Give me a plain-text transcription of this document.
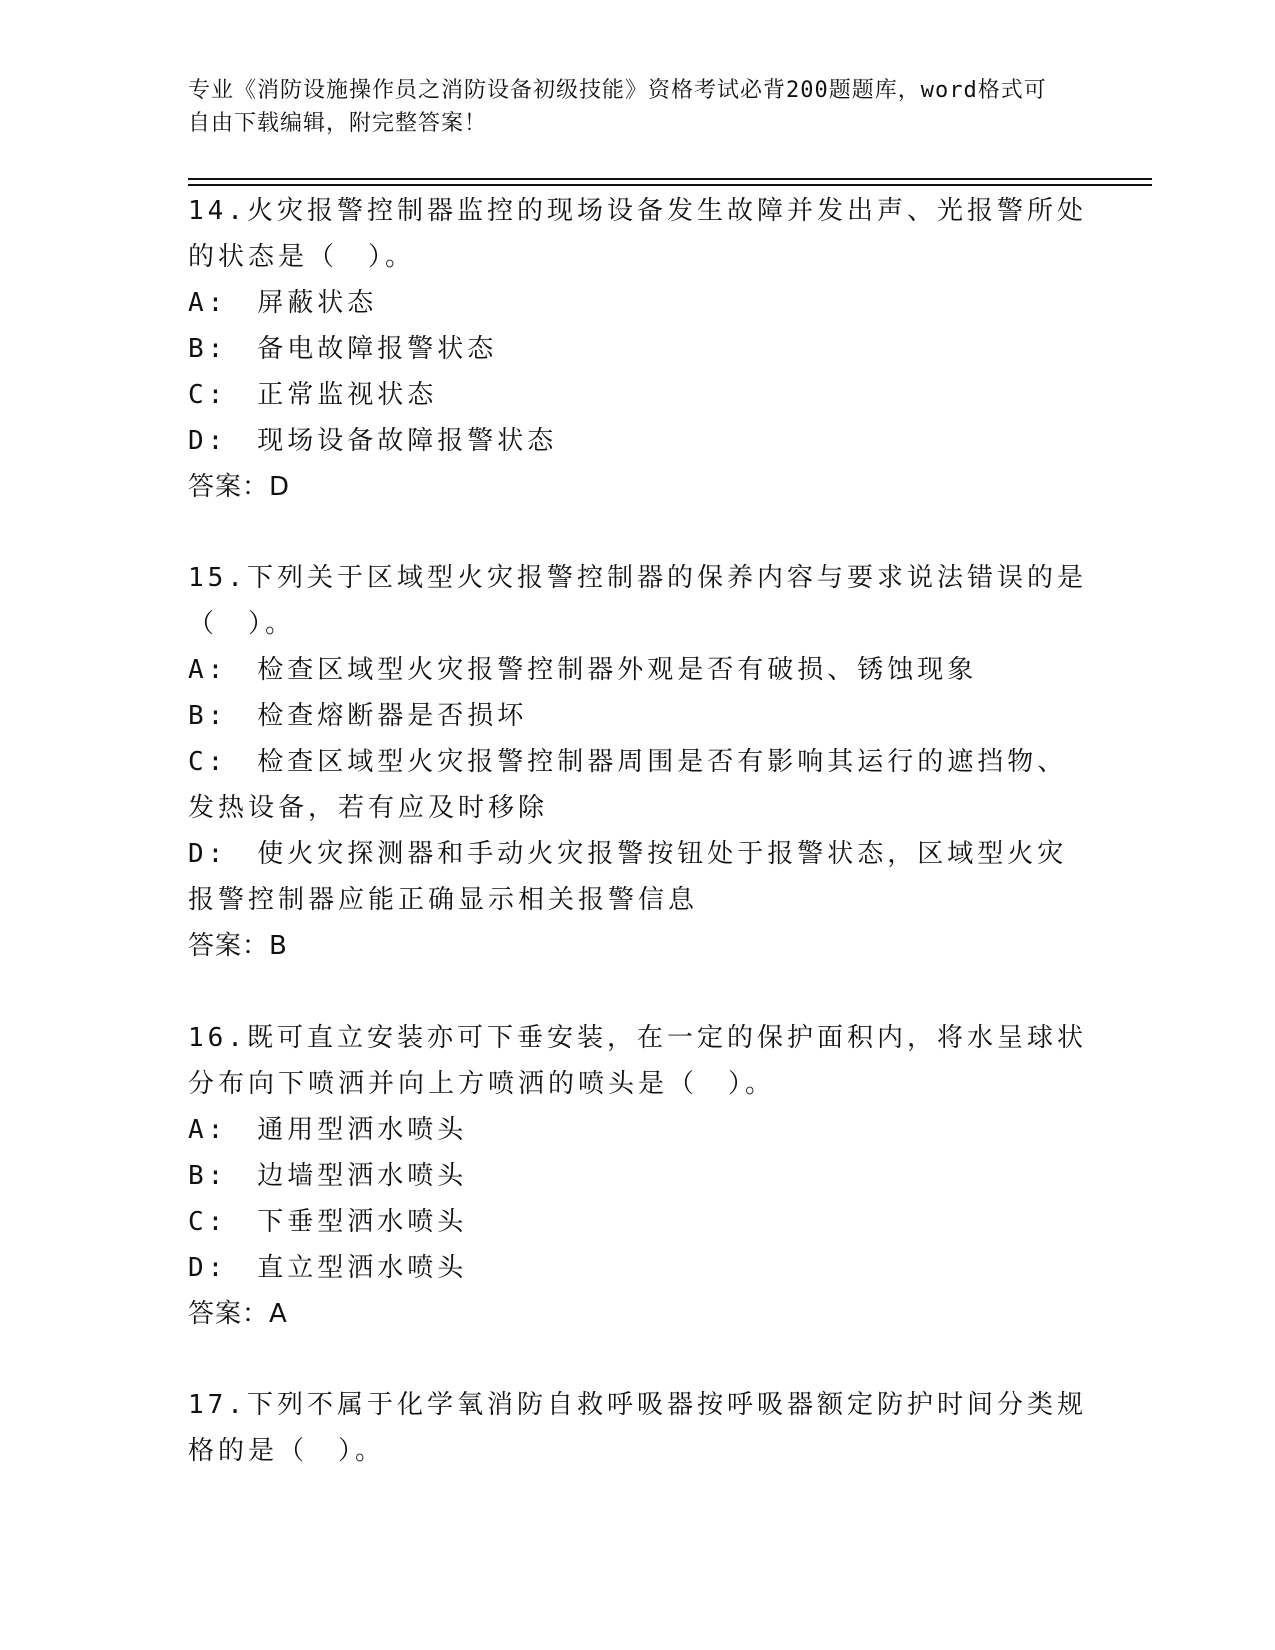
专业《消防设施操作员之消防设备初级技能》资格考试必背200题题库，word格式可自由下载编辑，附完整答案！

14.火灾报警控制器监控的现场设备发生故障并发出声、光报警所处的状态是（　）。

A:　屏蔽状态

B:　备电故障报警状态

C:　正常监视状态

D:　现场设备故障报警状态

答案：D

15.下列关于区域型火灾报警控制器的保养内容与要求说法错误的是（　）。

A:　检查区域型火灾报警控制器外观是否有破损、锈蚀现象

B:　检查熔断器是否损坏

C:　检查区域型火灾报警控制器周围是否有影响其运行的遮挡物、发热设备，若有应及时移除

D:　使火灾探测器和手动火灾报警按钮处于报警状态，区域型火灾报警控制器应能正确显示相关报警信息

答案：B

16.既可直立安装亦可下垂安装，在一定的保护面积内，将水呈球状分布向下喷洒并向上方喷洒的喷头是（　）。

A:　通用型洒水喷头

B:　边墙型洒水喷头

C:　下垂型洒水喷头

D:　直立型洒水喷头

答案：A

17.下列不属于化学氧消防自救呼吸器按呼吸器额定防护时间分类规格的是（　）。
